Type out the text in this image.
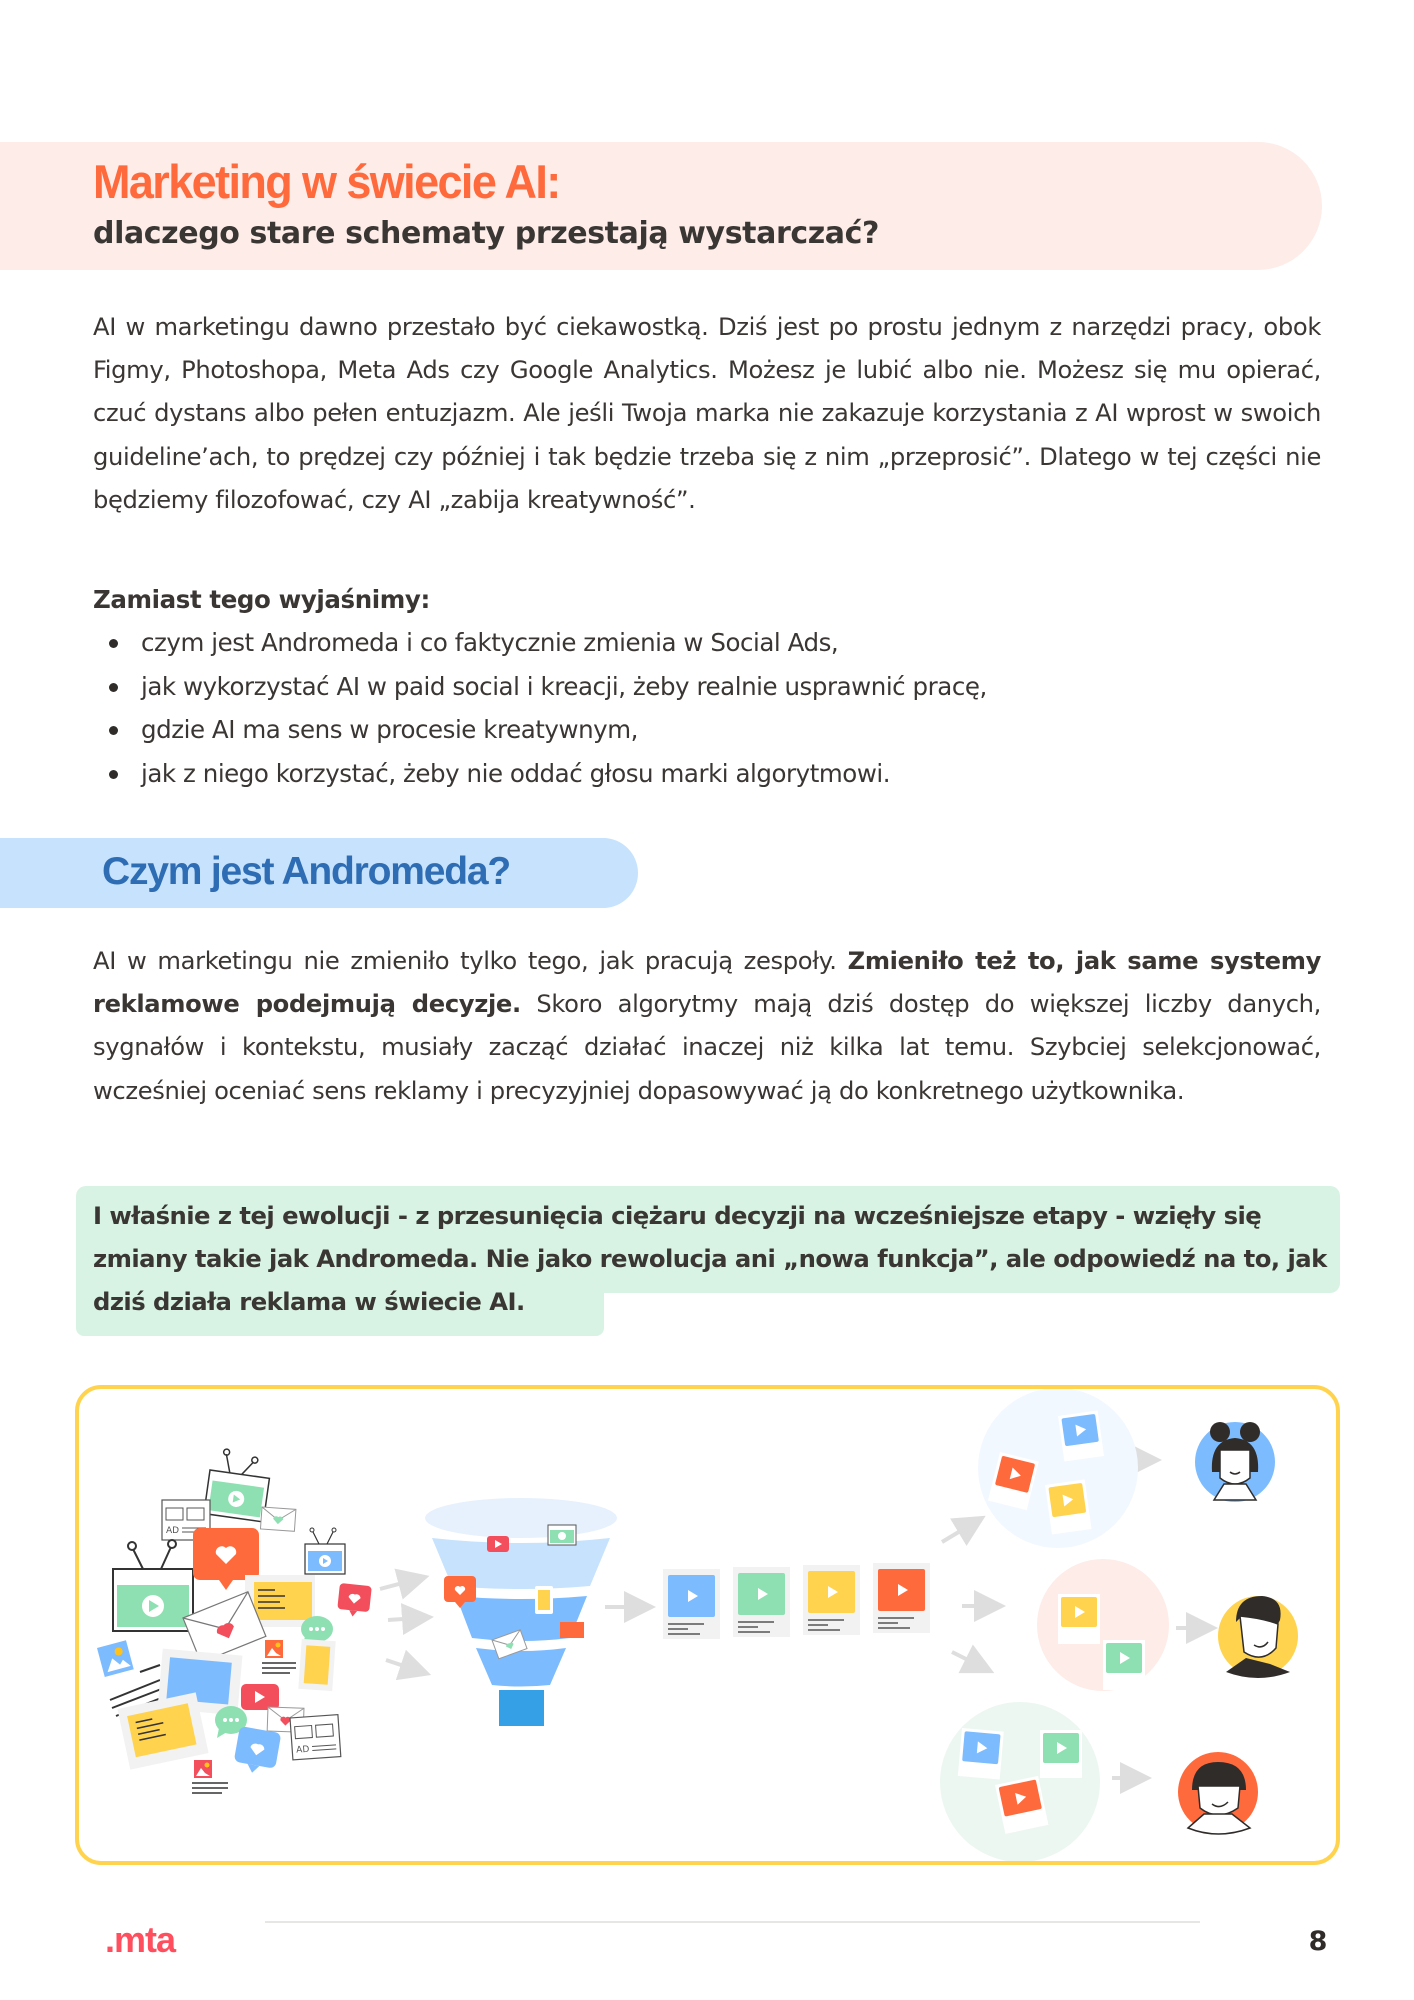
Marketing w świecie AI:
dlaczego stare schematy przestają wystarczać?

AI w marketingu dawno przestało być ciekawostką. Dziś jest po prostu jednym z narzędzi pracy, obok Figmy, Photoshopa, Meta Ads czy Google Analytics. Możesz je lubić albo nie. Możesz się mu opierać, czuć dystans albo pełen entuzjazm. Ale jeśli Twoja marka nie zakazuje korzystania z AI wprost w swoich guideline’ach, to prędzej czy później i tak będzie trzeba się z nim „przeprosić”. Dlatego w tej części nie będziemy filozofować, czy AI „zabija kreatywność”.

Zamiast tego wyjaśnimy:
czym jest Andromeda i co faktycznie zmienia w Social Ads,
jak wykorzystać AI w paid social i kreacji, żeby realnie usprawnić pracę,
gdzie AI ma sens w procesie kreatywnym,
jak z niego korzystać, żeby nie oddać głosu marki algorytmowi.
Czym jest Andromeda?

AI w marketingu nie zmieniło tylko tego, jak pracują zespoły. Zmieniło też to, jak same systemy reklamowe podejmują decyzje. Skoro algorytmy mają dziś dostęp do większej liczby danych, sygnałów i kontekstu, musiały zacząć działać inaczej niż kilka lat temu. Szybciej selekcjonować, wcześniej oceniać sens reklamy i precyzyjniej dopasowywać ją do konkretnego użytkownika.

I właśnie z tej ewolucji - z przesunięcia ciężaru decyzji na wcześniejsze etapy - wzięły się zmiany takie jak Andromeda. Nie jako rewolucja ani „nowa funkcja”, ale odpowiedź na to, jak dziś działa reklama w świecie AI.

AD
AD
.mta	8
